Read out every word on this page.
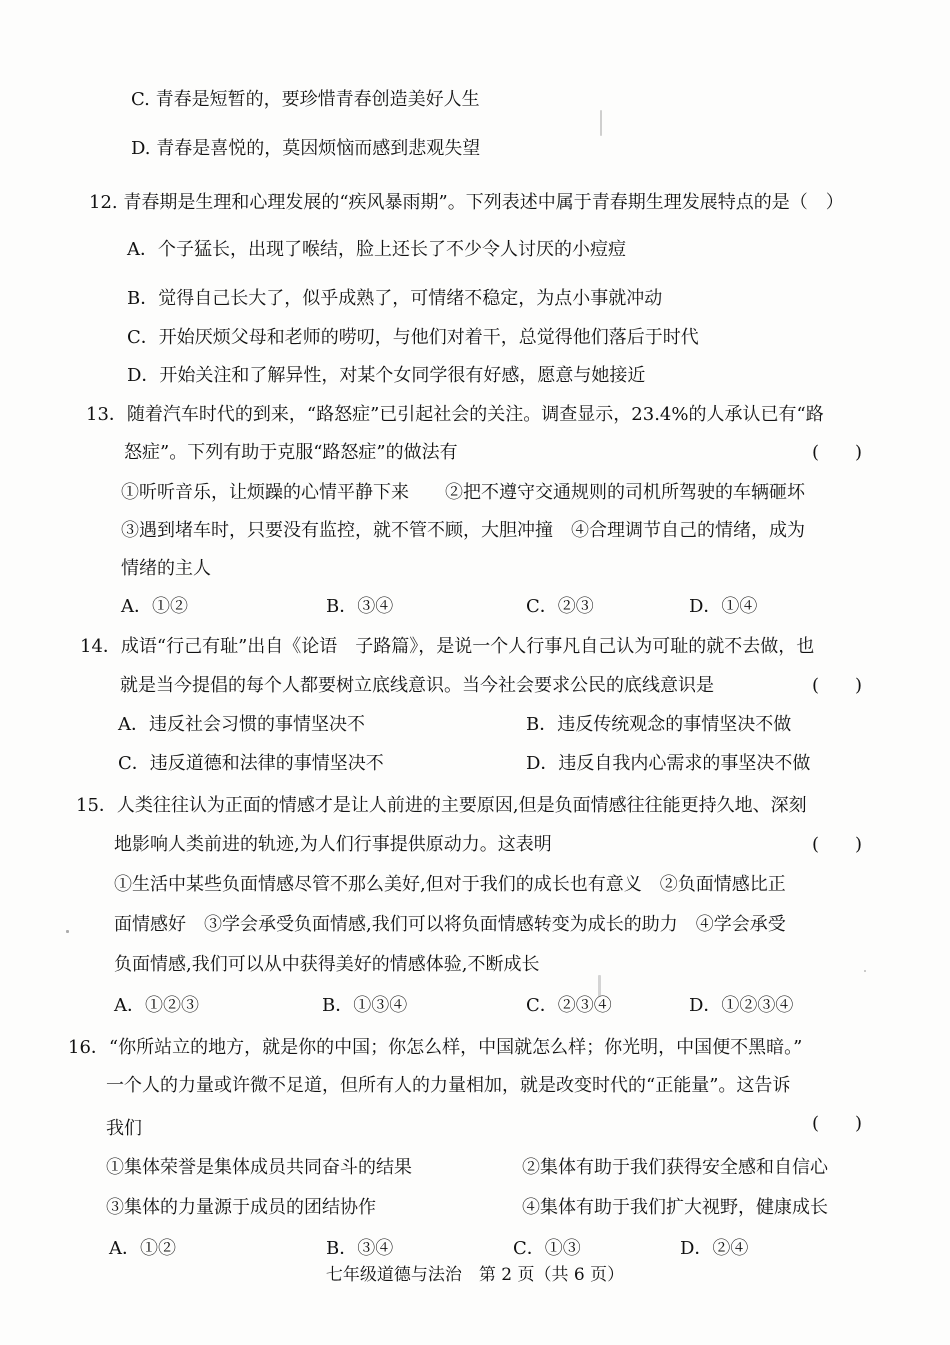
C. 青春是短暂的，要珍惜青春创造美好人生
D. 青春是喜悦的，莫因烦恼而感到悲观失望
12. 青春期是生理和心理发展的“疾风暴雨期”。下列表述中属于青春期生理发展特点的是（　）
A．个子猛长，出现了喉结，脸上还长了不少令人讨厌的小痘痘
B．觉得自己长大了，似乎成熟了，可情绪不稳定，为点小事就冲动
C．开始厌烦父母和老师的唠叨，与他们对着干，总觉得他们落后于时代
D．开始关注和了解异性，对某个女同学很有好感，愿意与她接近
13．随着汽车时代的到来，“路怒症”已引起社会的关注。调查显示，23.4%的人承认已有“路
怒症”。下列有助于克服“路怒症”的做法有	(　　)
①听听音乐，让烦躁的心情平静下来　　②把不遵守交通规则的司机所驾驶的车辆砸坏
③遇到堵车时，只要没有监控，就不管不顾，大胆冲撞　④合理调节自己的情绪，成为
情绪的主人
A．①②	B．③④	C．②③	D．①④
14．成语“行己有耻”出自《论语　子路篇》，是说一个人行事凡自己认为可耻的就不去做，也
就是当今提倡的每个人都要树立底线意识。当今社会要求公民的底线意识是	(　　)
A．违反社会习惯的事情坚决不	B．违反传统观念的事情坚决不做
C．违反道德和法律的事情坚决不	D．违反自我内心需求的事坚决不做
15．人类往往认为正面的情感才是让人前进的主要原因,但是负面情感往往能更持久地、深刻
地影响人类前进的轨迹,为人们行事提供原动力。这表明	(　　)
①生活中某些负面情感尽管不那么美好,但对于我们的成长也有意义　②负面情感比正
面情感好　③学会承受负面情感,我们可以将负面情感转变为成长的助力　④学会承受
负面情感,我们可以从中获得美好的情感体验,不断成长
A．①②③	B．①③④	C．②③④	D．①②③④
16．“你所站立的地方，就是你的中国；你怎么样，中国就怎么样；你光明，中国便不黑暗。”
一个人的力量或许微不足道，但所有人的力量相加，就是改变时代的“正能量”。这告诉
我们	(　　)
①集体荣誉是集体成员共同奋斗的结果	②集体有助于我们获得安全感和自信心
③集体的力量源于成员的团结协作	④集体有助于我们扩大视野，健康成长
A．①②	B．③④	C．①③	D．②④
七年级道德与法治　第 2 页（共 6 页）
